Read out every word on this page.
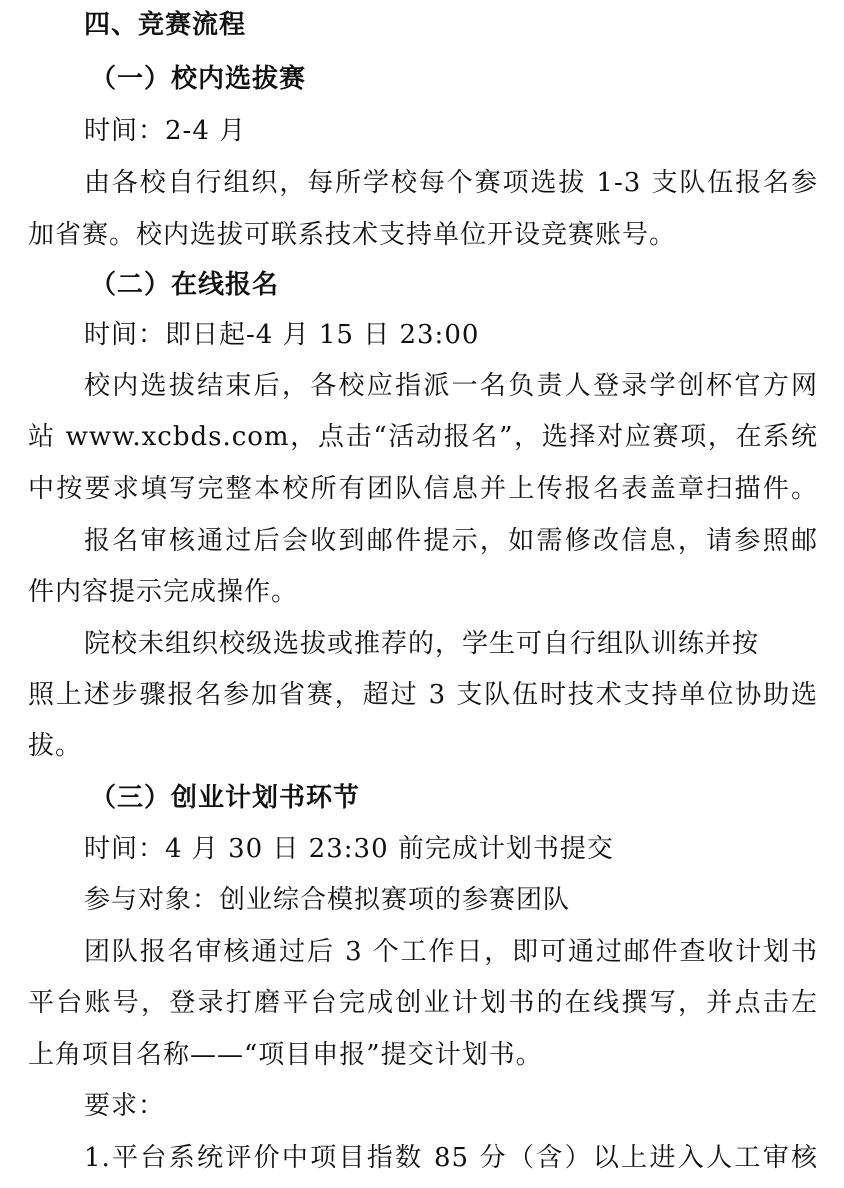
四、竞赛流程
（一）校内选拔赛
时间：2-4 月
由各校自行组织，每所学校每个赛项选拔 1-3 支队伍报名参
加省赛。校内选拔可联系技术支持单位开设竞赛账号。
（二）在线报名
时间：即日起-4 月 15 日 23:00
校内选拔结束后，各校应指派一名负责人登录学创杯官方网
站 www.xcbds.com，点击“活动报名”，选择对应赛项，在系统
中按要求填写完整本校所有团队信息并上传报名表盖章扫描件。
报名审核通过后会收到邮件提示，如需修改信息，请参照邮
件内容提示完成操作。
院校未组织校级选拔或推荐的，学生可自行组队训练并按
照上述步骤报名参加省赛，超过 3 支队伍时技术支持单位协助选
拔。
（三）创业计划书环节
时间：4 月 30 日 23:30 前完成计划书提交
参与对象：创业综合模拟赛项的参赛团队
团队报名审核通过后 3 个工作日，即可通过邮件查收计划书
平台账号，登录打磨平台完成创业计划书的在线撰写，并点击左
上角项目名称——“项目申报”提交计划书。
要求：
1.平台系统评价中项目指数 85 分（含）以上进入人工审核
